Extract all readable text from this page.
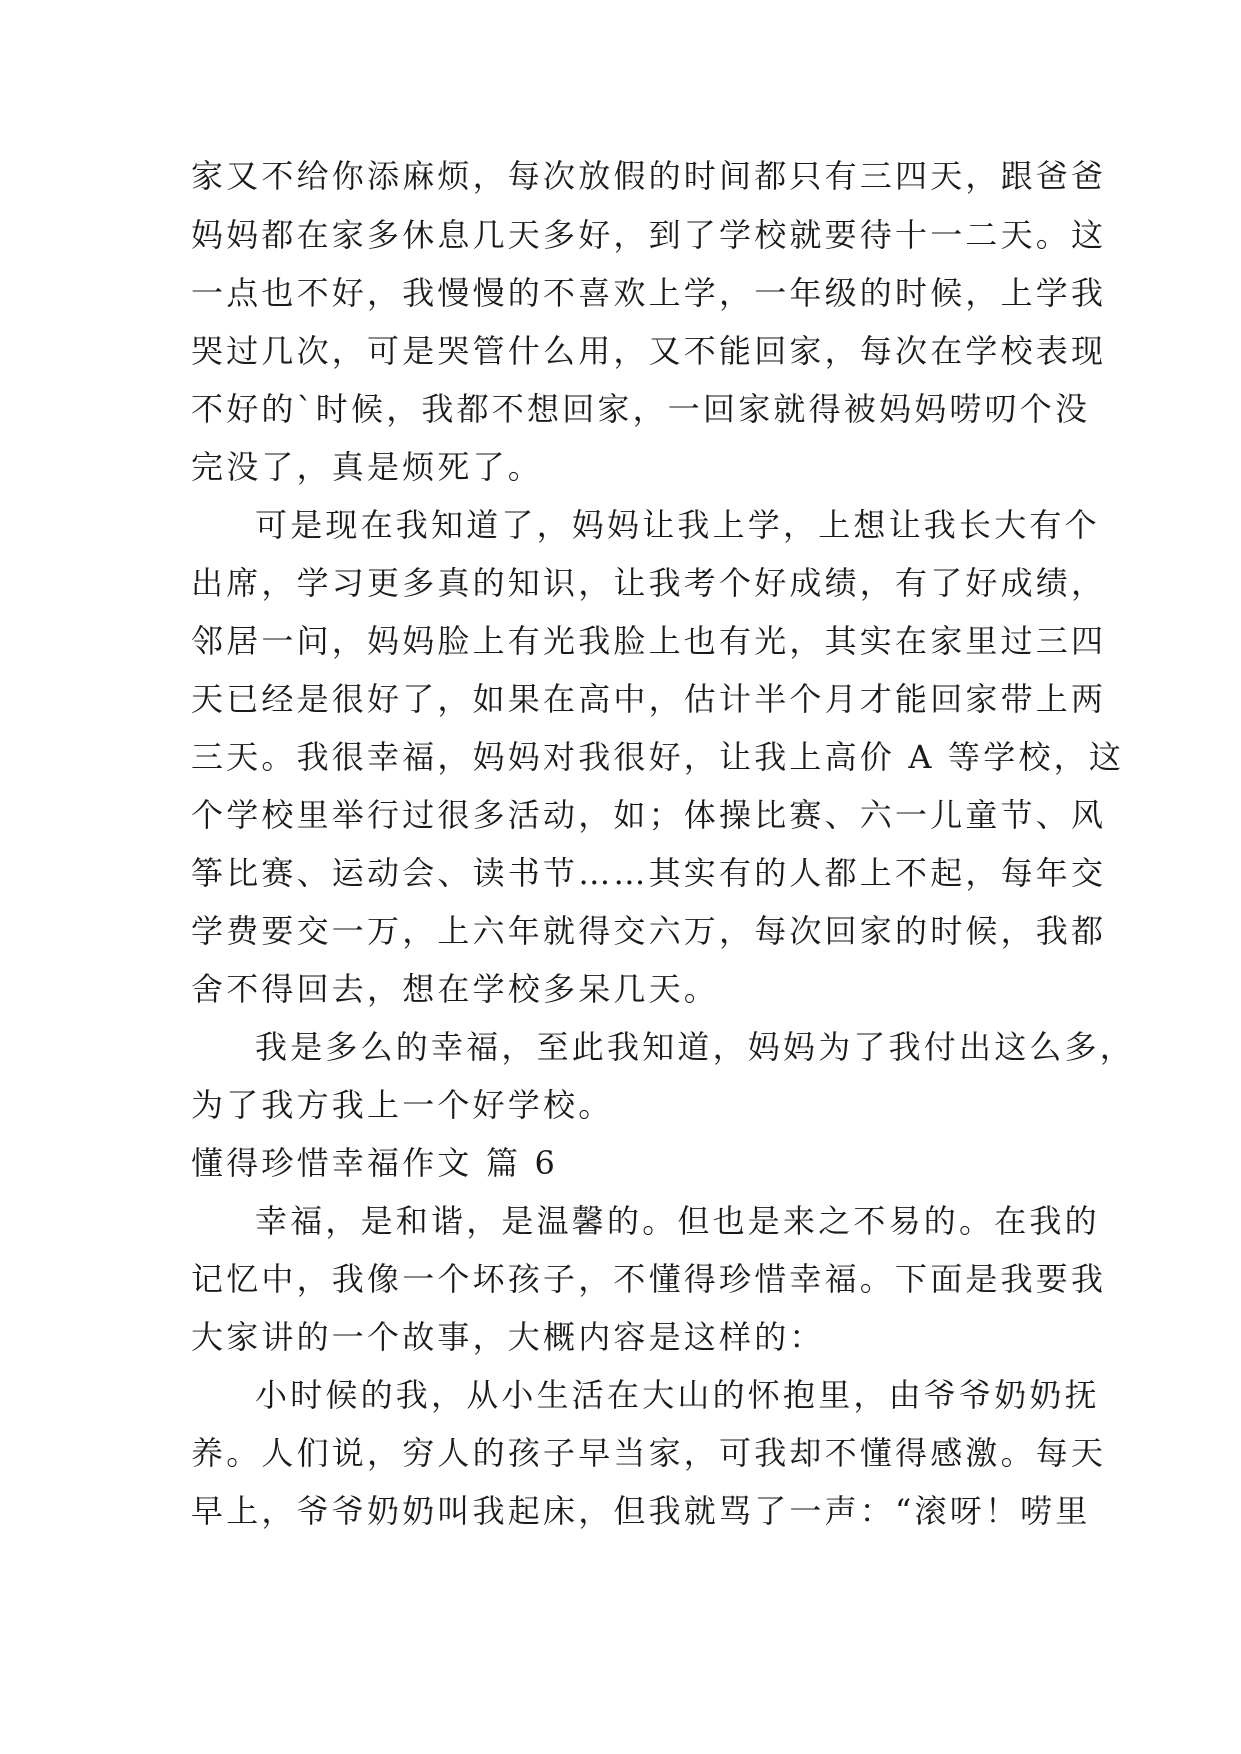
家又不给你添麻烦，每次放假的时间都只有三四天，跟爸爸
妈妈都在家多休息几天多好，到了学校就要待十一二天。这
一点也不好，我慢慢的不喜欢上学，一年级的时候，上学我
哭过几次，可是哭管什么用，又不能回家，每次在学校表现
不好的`时候，我都不想回家，一回家就得被妈妈唠叨个没
完没了，真是烦死了。
可是现在我知道了，妈妈让我上学，上想让我长大有个
出席，学习更多真的知识，让我考个好成绩，有了好成绩，
邻居一问，妈妈脸上有光我脸上也有光，其实在家里过三四
天已经是很好了，如果在高中，估计半个月才能回家带上两
三天。我很幸福，妈妈对我很好，让我上高价 A 等学校，这
个学校里举行过很多活动，如；体操比赛、六一儿童节、风
筝比赛、运动会、读书节……其实有的人都上不起，每年交
学费要交一万，上六年就得交六万，每次回家的时候，我都
舍不得回去，想在学校多呆几天。
我是多么的幸福，至此我知道，妈妈为了我付出这么多，
为了我方我上一个好学校。
懂得珍惜幸福作文 篇 6
幸福，是和谐，是温馨的。但也是来之不易的。在我的
记忆中，我像一个坏孩子，不懂得珍惜幸福。下面是我要我
大家讲的一个故事，大概内容是这样的：
小时候的我，从小生活在大山的怀抱里，由爷爷奶奶抚
养。人们说，穷人的孩子早当家，可我却不懂得感激。每天
早上，爷爷奶奶叫我起床，但我就骂了一声：“滚呀！唠里
